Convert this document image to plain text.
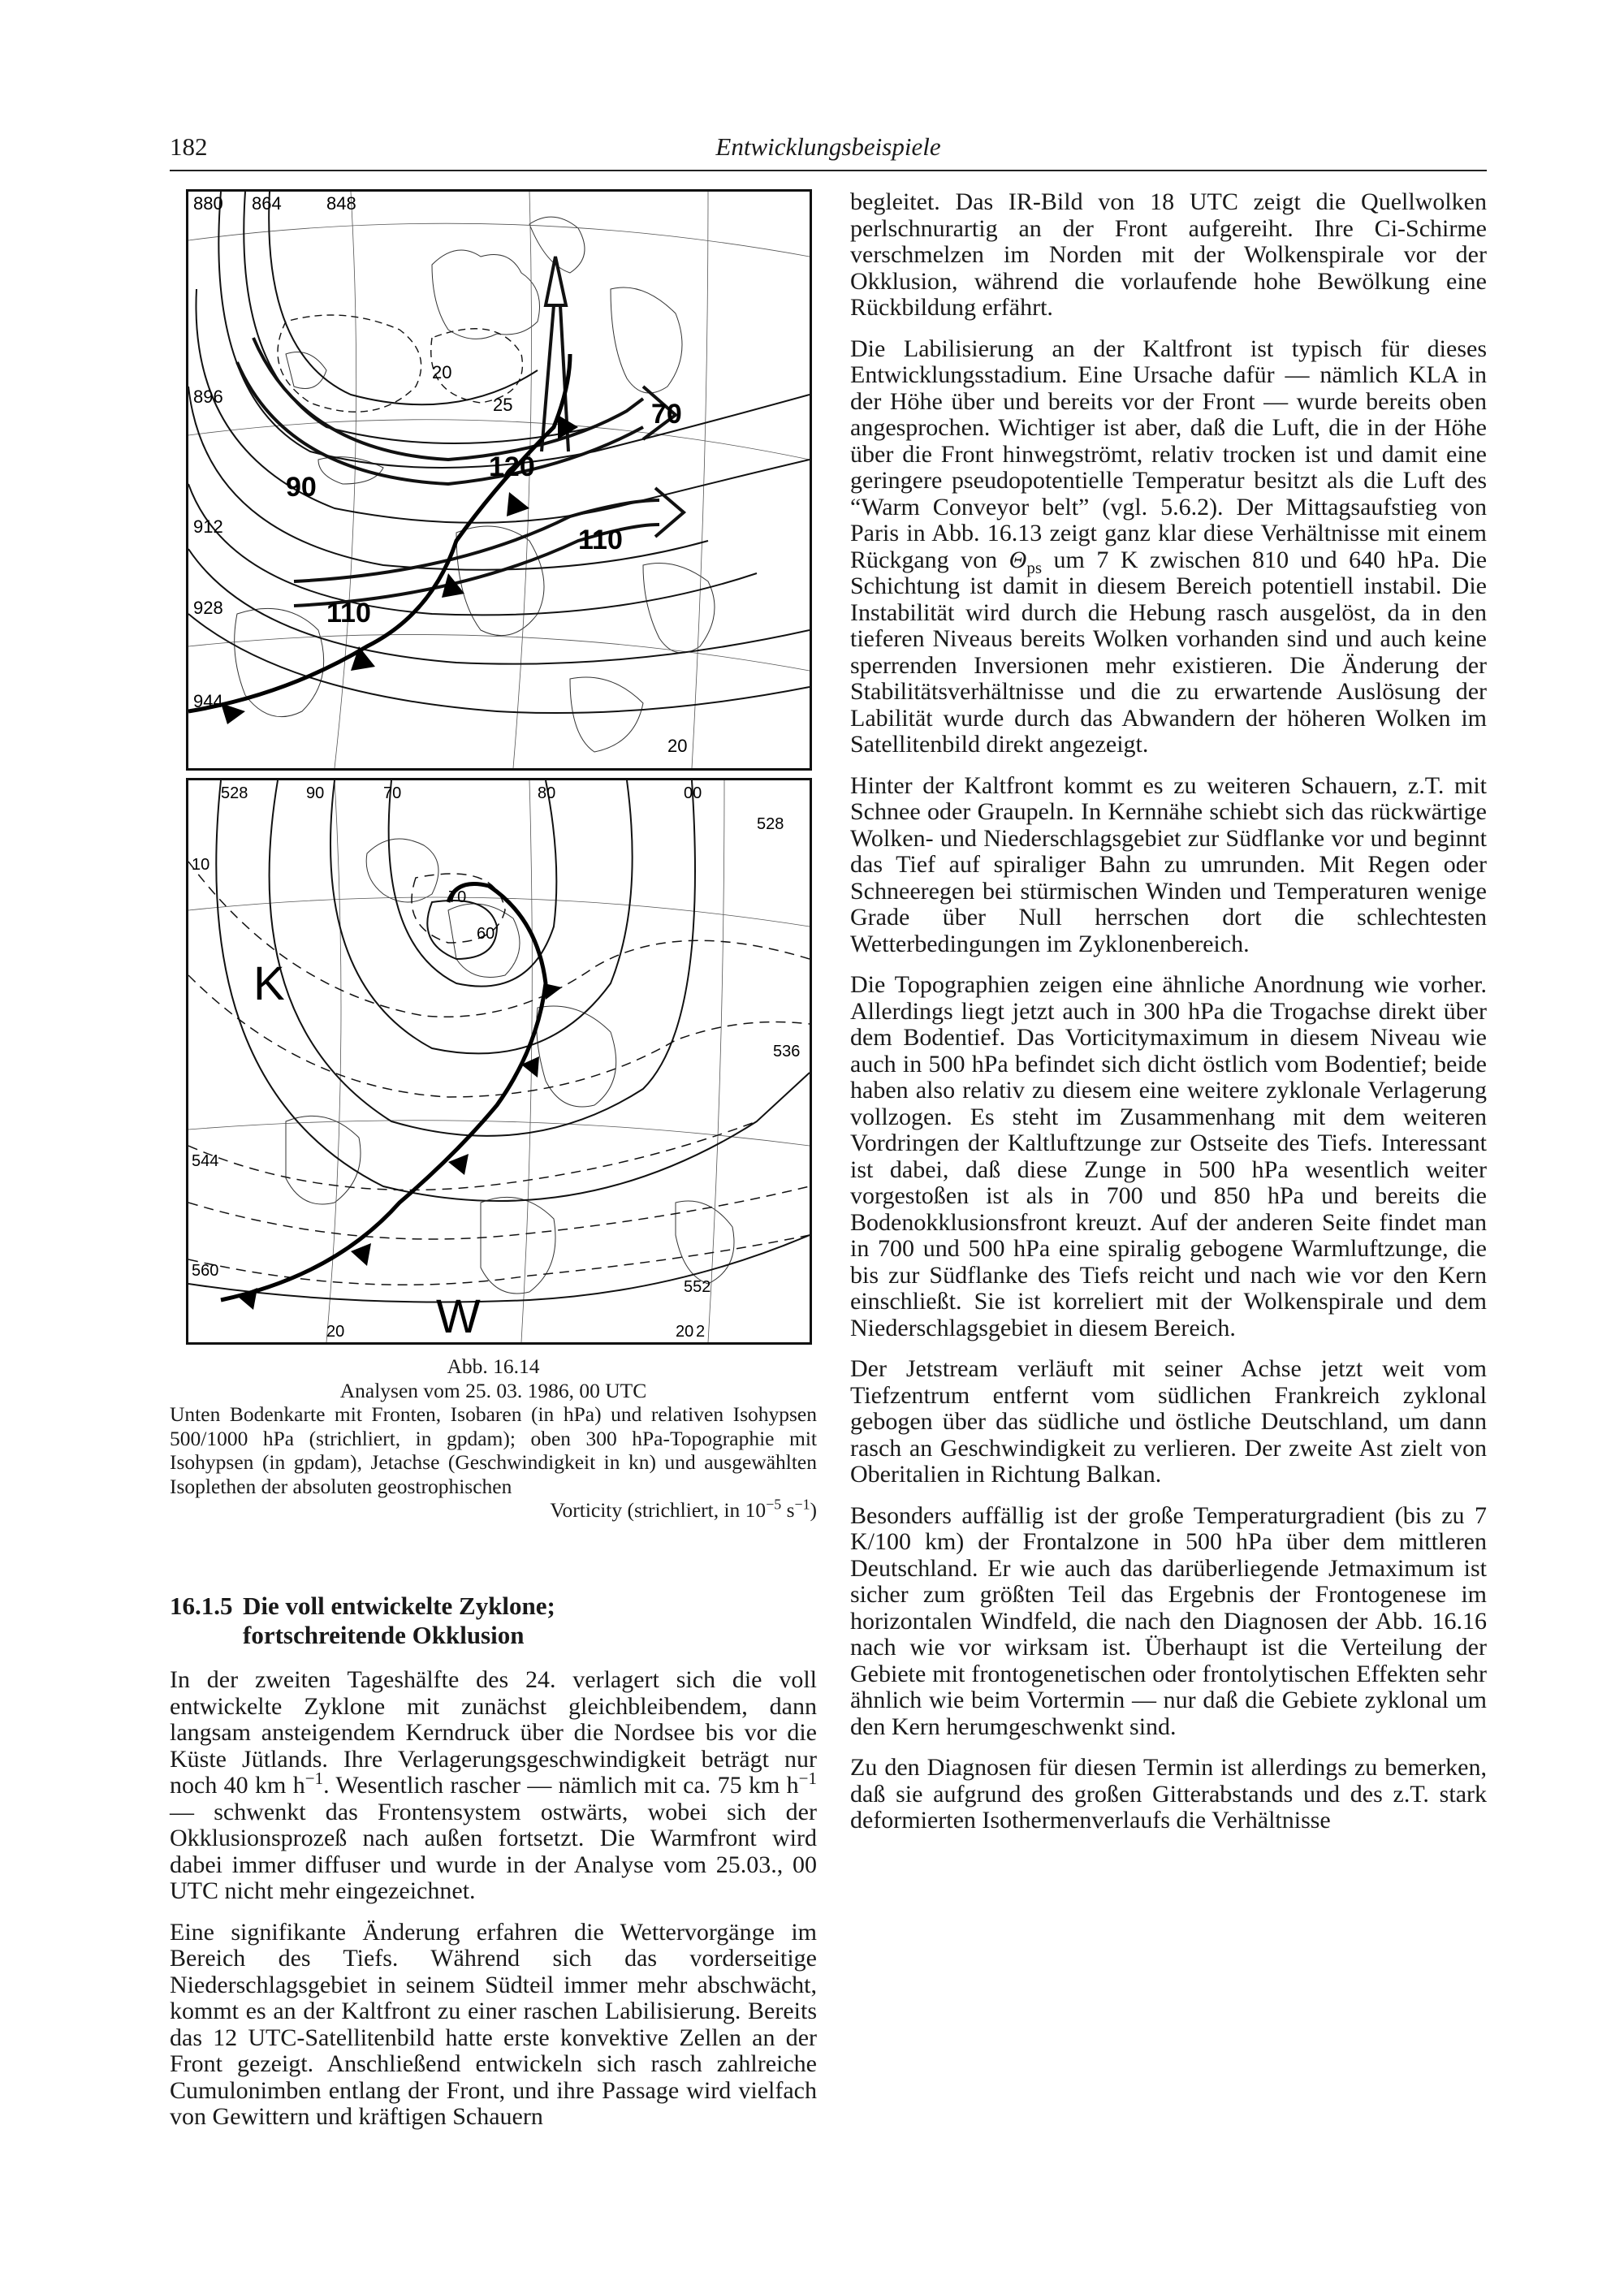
182	Entwicklungsbeispiele
880 864	848
896
912
928
944
20
25
20
70
90
120
110
110
528	90	70	80	00
528
10
70
60
536
544
560
552
20	20 2
K
W
Abb. 16.14
Analysen vom 25. 03. 1986, 00 UTC
Unten Bodenkarte mit Fronten, Isobaren (in hPa) und relativen Isohypsen 500/1000 hPa (strichliert, in gpdam); oben 300 hPa-Topographie mit Isohypsen (in gpdam), Jetachse (Geschwindigkeit in kn) und ausgewählten Isoplethen der absoluten geostrophischen
Vorticity (strichliert, in $10^{-5}$ $s^{-1}$)
16.1.5 Die voll entwickelte Zyklone;
fortschreitende Okklusion

In der zweiten Tageshälfte des 24. verlagert sich die voll entwickelte Zyklone mit zunächst gleichbleibendem, dann langsam ansteigendem Kerndruck über die Nordsee bis vor die Küste Jütlands. Ihre Verlagerungsgeschwindigkeit beträgt nur noch 40 km $h^{-1}$. Wesentlich rascher — nämlich mit ca. 75 km $h^{-1}$ — schwenkt das Frontensystem ostwärts, wobei sich der Okklusionsprozeß nach außen fortsetzt. Die Warmfront wird dabei immer diffuser und wurde in der Analyse vom 25.03., 00 UTC nicht mehr eingezeichnet.

Eine signifikante Änderung erfahren die Wettervorgänge im Bereich des Tiefs. Während sich das vorderseitige Niederschlagsgebiet in seinem Südteil immer mehr abschwächt, kommt es an der Kaltfront zu einer raschen Labilisierung. Bereits das 12 UTC-Satellitenbild hatte erste konvektive Zellen an der Front gezeigt. Anschließend entwickeln sich rasch zahlreiche Cumulonimben entlang der Front, und ihre Passage wird vielfach von Gewittern und kräftigen Schauern

begleitet. Das IR-Bild von 18 UTC zeigt die Quellwolken perlschnurartig an der Front aufgereiht. Ihre Ci-Schirme verschmelzen im Norden mit der Wolkenspirale vor der Okklusion, während die vorlaufende hohe Bewölkung eine Rückbildung erfährt.

Die Labilisierung an der Kaltfront ist typisch für dieses Entwicklungsstadium. Eine Ursache dafür — nämlich KLA in der Höhe über und bereits vor der Front — wurde bereits oben angesprochen. Wichtiger ist aber, daß die Luft, die in der Höhe über die Front hinwegströmt, relativ trocken ist und damit eine geringere pseudopotentielle Temperatur besitzt als die Luft des “Warm Conveyor belt” (vgl. 5.6.2). Der Mittagsaufstieg von Paris in Abb. 16.13 zeigt ganz klar diese Verhältnisse mit einem Rückgang von $\Theta_{ps}$ um 7 K zwischen 810 und 640 hPa. Die Schichtung ist damit in diesem Bereich potentiell instabil. Die Instabilität wird durch die Hebung rasch ausgelöst, da in den tieferen Niveaus bereits Wolken vorhanden sind und auch keine sperrenden Inversionen mehr existieren. Die Änderung der Stabilitätsverhältnisse und die zu erwartende Auslösung der Labilität wurde durch das Abwandern der höheren Wolken im Satellitenbild direkt angezeigt.

Hinter der Kaltfront kommt es zu weiteren Schauern, z.T. mit Schnee oder Graupeln. In Kernnähe schiebt sich das rückwärtige Wolken- und Niederschlagsgebiet zur Südflanke vor und beginnt das Tief auf spiraliger Bahn zu umrunden. Mit Regen oder Schneeregen bei stürmischen Winden und Temperaturen wenige Grade über Null herrschen dort die schlechtesten Wetterbedingungen im Zyklonenbereich.

Die Topographien zeigen eine ähnliche Anordnung wie vorher. Allerdings liegt jetzt auch in 300 hPa die Trogachse direkt über dem Bodentief. Das Vorticitymaximum in diesem Niveau wie auch in 500 hPa befindet sich dicht östlich vom Bodentief; beide haben also relativ zu diesem eine weitere zyklonale Verlagerung vollzogen. Es steht im Zusammenhang mit dem weiteren Vordringen der Kaltluftzunge zur Ostseite des Tiefs. Interessant ist dabei, daß diese Zunge in 500 hPa wesentlich weiter vorgestoßen ist als in 700 und 850 hPa und bereits die Bodenokklusionsfront kreuzt. Auf der anderen Seite findet man in 700 und 500 hPa eine spiralig gebogene Warmluftzunge, die bis zur Südflanke des Tiefs reicht und nach wie vor den Kern einschließt. Sie ist korreliert mit der Wolkenspirale und dem Niederschlagsgebiet in diesem Bereich.

Der Jetstream verläuft mit seiner Achse jetzt weit vom Tiefzentrum entfernt vom südlichen Frankreich zyklonal gebogen über das südliche und östliche Deutschland, um dann rasch an Geschwindigkeit zu verlieren. Der zweite Ast zielt von Oberitalien in Richtung Balkan.

Besonders auffällig ist der große Temperaturgradient (bis zu 7 K/100 km) der Frontalzone in 500 hPa über dem mittleren Deutschland. Er wie auch das darüberliegende Jetmaximum ist sicher zum größten Teil das Ergebnis der Frontogenese im horizontalen Windfeld, die nach den Diagnosen der Abb. 16.16 nach wie vor wirksam ist. Überhaupt ist die Verteilung der Gebiete mit frontogenetischen oder frontolytischen Effekten sehr ähnlich wie beim Vortermin — nur daß die Gebiete zyklonal um den Kern herumgeschwenkt sind.

Zu den Diagnosen für diesen Termin ist allerdings zu bemerken, daß sie aufgrund des großen Gitterabstands und des z.T. stark deformierten Isothermenverlaufs die Verhältnisse
